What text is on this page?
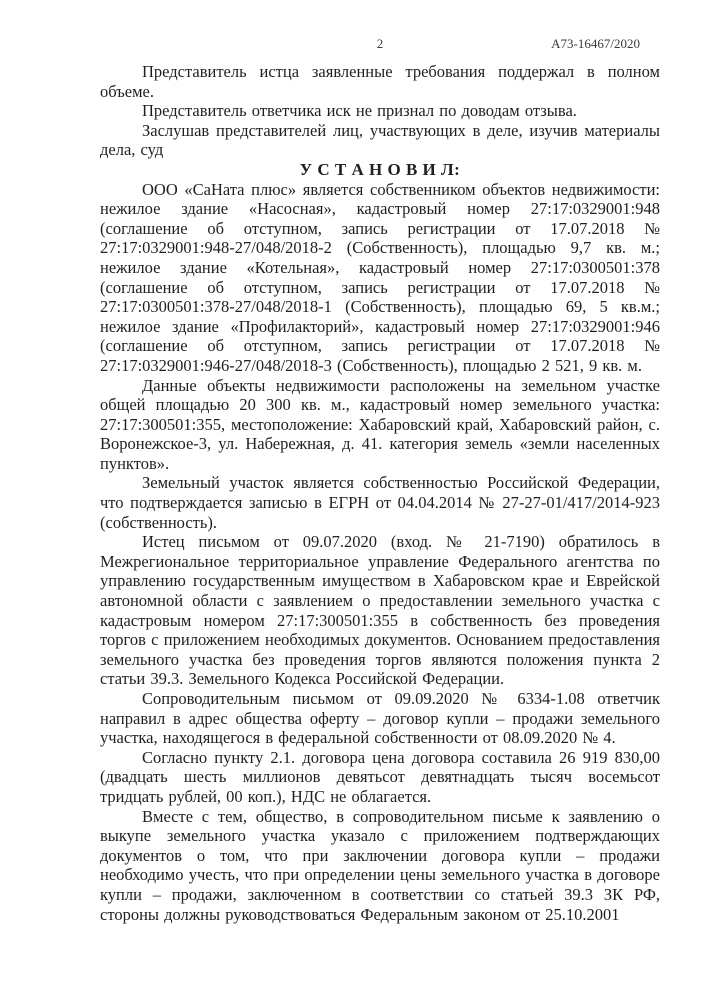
2	А73-16467/2020

Представитель истца заявленные требования поддержал в полном объеме.

Представитель ответчика иск не признал по доводам отзыва.

Заслушав представителей лиц, участвующих в деле, изучив материалы дела, суд

У С Т А Н О В И Л:

ООО «СаНата плюс» является собственником объектов недвижимости: нежилое здание «Насосная», кадастровый номер 27:17:0329001:948 (соглашение об отступном, запись регистрации от 17.07.2018 № 27:17:0329001:948-27/048/2018-2 (Собственность), площадью 9,7 кв. м.; нежилое здание «Котельная», кадастровый номер 27:17:0300501:378 (соглашение об отступном, запись регистрации от 17.07.2018 № 27:17:0300501:378-27/048/2018-1 (Собственность), площадью 69, 5 кв.м.; нежилое здание «Профилакторий», кадастровый номер 27:17:0329001:946 (соглашение об отступном, запись регистрации от 17.07.2018 № 27:17:0329001:946-27/048/2018-3 (Собственность), площадью 2 521, 9 кв. м.

Данные объекты недвижимости расположены на земельном участке общей площадью 20 300 кв. м., кадастровый номер земельного участка: 27:17:300501:355, местоположение: Хабаровский край, Хабаровский район, с. Воронежское-3, ул. Набережная, д. 41. категория земель «земли населенных пунктов».

Земельный участок является собственностью Российской Федерации, что подтверждается записью в ЕГРН от 04.04.2014 № 27-27-01/417/2014-923 (собственность).

Истец письмом от 09.07.2020 (вход. № 21-7190) обратилось в Межрегиональное территориальное управление Федерального агентства по управлению государственным имуществом в Хабаровском крае и Еврейской автономной области с заявлением о предоставлении земельного участка с кадастровым номером 27:17:300501:355 в собственность без проведения торгов с приложением необходимых документов. Основанием предоставления земельного участка без проведения торгов являются положения пункта 2 статьи 39.3. Земельного Кодекса Российской Федерации.

Сопроводительным письмом от 09.09.2020 № 6334-1.08 ответчик направил в адрес общества оферту – договор купли – продажи земельного участка, находящегося в федеральной собственности от 08.09.2020 № 4.

Согласно пункту 2.1. договора цена договора составила 26 919 830,00 (двадцать шесть миллионов девятьсот девятнадцать тысяч восемьсот тридцать рублей, 00 коп.), НДС не облагается.

Вместе с тем, общество, в сопроводительном письме к заявлению о выкупе земельного участка указало с приложением подтверждающих документов о том, что при заключении договора купли – продажи необходимо учесть, что при определении цены земельного участка в договоре купли – продажи, заключенном в соответствии со статьей 39.3 ЗК РФ, стороны должны руководствоваться Федеральным законом от 25.10.2001
